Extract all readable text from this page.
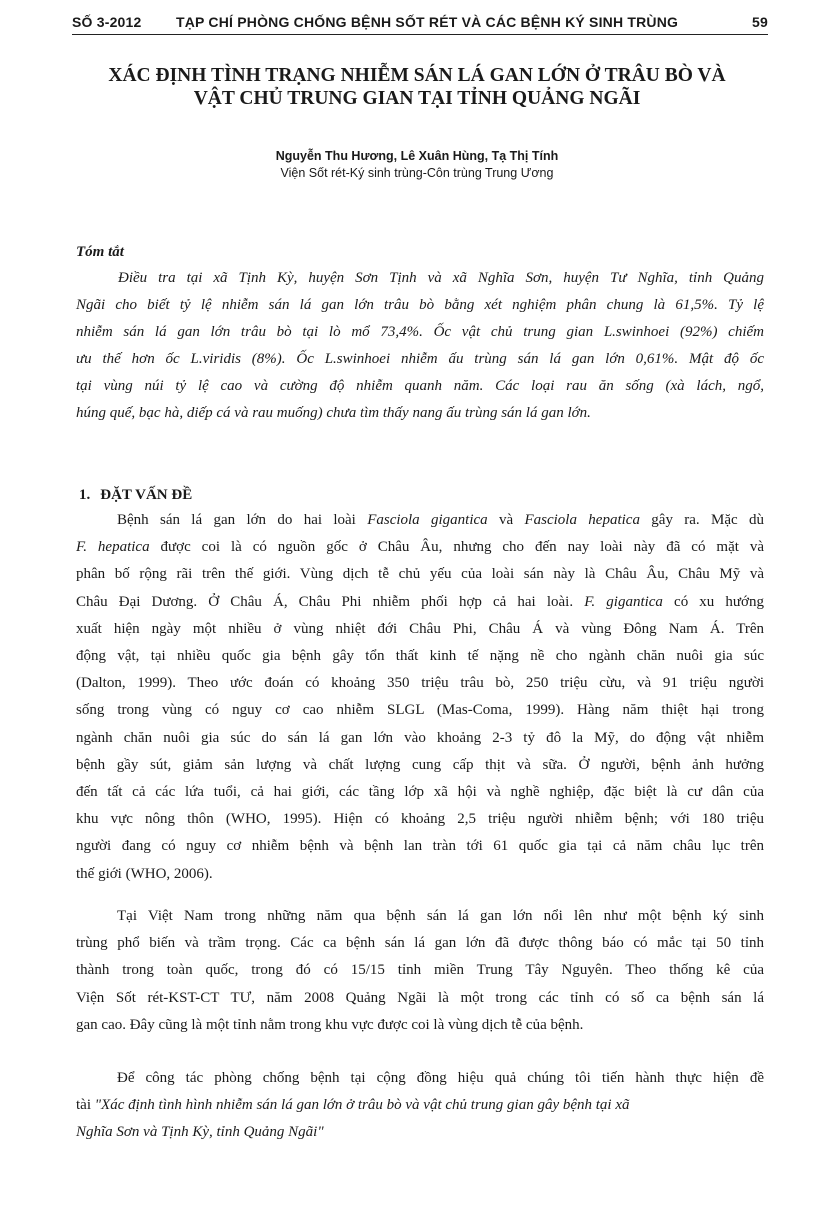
SỐ 3-2012 TẠP CHÍ PHÒNG CHỐNG BỆNH SỐT RÉT VÀ CÁC BỆNH KÝ SINH TRÙNG	59
XÁC ĐỊNH TÌNH TRẠNG NHIỄM SÁN LÁ GAN LỚN Ở TRÂU BÒ VÀ
VẬT CHỦ TRUNG GIAN TẠI TỈNH QUẢNG NGÃI
Nguyễn Thu Hương, Lê Xuân Hùng, Tạ Thị Tính
Viện Sốt rét-Ký sinh trùng-Côn trùng Trung Ương
Tóm tắt
Điều tra tại xã Tịnh Kỳ, huyện Sơn Tịnh và xã Nghĩa Sơn, huyện Tư Nghĩa, tỉnh Quảng
Ngãi cho biết tỷ lệ nhiễm sán lá gan lớn trâu bò bằng xét nghiệm phân chung là 61,5%. Tỷ lệ
nhiễm sán lá gan lớn trâu bò tại lò mổ 73,4%. Ốc vật chủ trung gian L.swinhoei (92%) chiếm
ưu thế hơn ốc L.viridis (8%). Ốc L.swinhoei nhiễm ấu trùng sán lá gan lớn 0,61%. Mật độ ốc
tại vùng núi tỷ lệ cao và cường độ nhiễm quanh năm. Các loại rau ăn sống (xà lách, ngổ,
húng quế, bạc hà, diếp cá và rau muống) chưa tìm thấy nang ấu trùng sán lá gan lớn.
1. ĐẶT VẤN ĐỀ
Bệnh sán lá gan lớn do hai loài Fasciola gigantica và Fasciola hepatica gây ra. Mặc dù
F. hepatica được coi là có nguồn gốc ở Châu Âu, nhưng cho đến nay loài này đã có mặt và
phân bố rộng rãi trên thế giới. Vùng dịch tễ chủ yếu của loài sán này là Châu Âu, Châu Mỹ và
Châu Đại Dương. Ở Châu Á, Châu Phi nhiễm phối hợp cả hai loài. F. gigantica có xu hướng
xuất hiện ngày một nhiều ở vùng nhiệt đới Châu Phi, Châu Á và vùng Đông Nam Á. Trên
động vật, tại nhiều quốc gia bệnh gây tổn thất kinh tế nặng nề cho ngành chăn nuôi gia súc
(Dalton, 1999). Theo ước đoán có khoảng 350 triệu trâu bò, 250 triệu cừu, và 91 triệu người
sống trong vùng có nguy cơ cao nhiễm SLGL (Mas-Coma, 1999). Hàng năm thiệt hại trong
ngành chăn nuôi gia súc do sán lá gan lớn vào khoảng 2-3 tỷ đô la Mỹ, do động vật nhiễm
bệnh gầy sút, giảm sản lượng và chất lượng cung cấp thịt và sữa. Ở người, bệnh ảnh hưởng
đến tất cả các lứa tuổi, cả hai giới, các tầng lớp xã hội và nghề nghiệp, đặc biệt là cư dân của
khu vực nông thôn (WHO, 1995). Hiện có khoảng 2,5 triệu người nhiễm bệnh; với 180 triệu
người đang có nguy cơ nhiễm bệnh và bệnh lan tràn tới 61 quốc gia tại cả năm châu lục trên
thế giới (WHO, 2006).
Tại Việt Nam trong những năm qua bệnh sán lá gan lớn nổi lên như một bệnh ký sinh
trùng phổ biến và trầm trọng. Các ca bệnh sán lá gan lớn đã được thông báo có mắc tại 50 tỉnh
thành trong toàn quốc, trong đó có 15/15 tỉnh miền Trung Tây Nguyên. Theo thống kê của
Viện Sốt rét-KST-CT TƯ, năm 2008 Quảng Ngãi là một trong các tỉnh có số ca bệnh sán lá
gan cao. Đây cũng là một tỉnh nằm trong khu vực được coi là vùng dịch tễ của bệnh.
Để công tác phòng chống bệnh tại cộng đồng hiệu quả chúng tôi tiến hành thực hiện đề
tài "Xác định tình hình nhiễm sán lá gan lớn ở trâu bò và vật chủ trung gian gây bệnh tại xã
Nghĩa Sơn và Tịnh Kỳ, tỉnh Quảng Ngãi"
